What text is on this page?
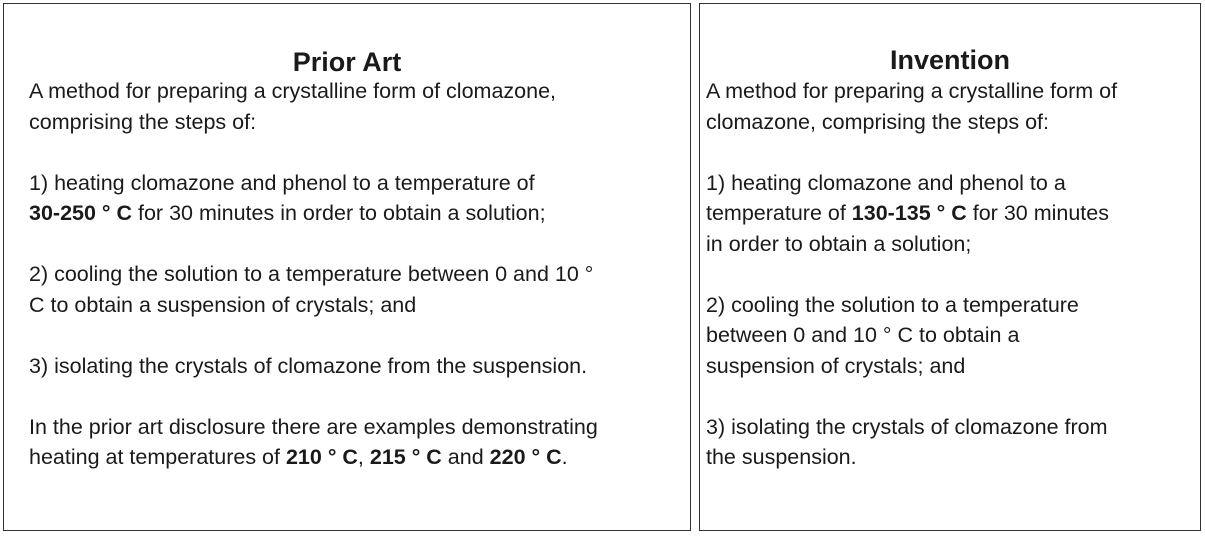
Prior Art
A method for preparing a crystalline form of clomazone,
comprising the steps of:
1) heating clomazone and phenol to a temperature of
30-250 ° C for 30 minutes in order to obtain a solution;
2) cooling the solution to a temperature between 0 and 10 °
C to obtain a suspension of crystals; and
3) isolating the crystals of clomazone from the suspension.
In the prior art disclosure there are examples demonstrating
heating at temperatures of 210 ° C, 215 ° C and 220 ° C.
Invention
A method for preparing a crystalline form of
clomazone, comprising the steps of:
1) heating clomazone and phenol to a
temperature of 130-135 ° C for 30 minutes
in order to obtain a solution;
2) cooling the solution to a temperature
between 0 and 10 ° C to obtain a
suspension of crystals; and
3) isolating the crystals of clomazone from
the suspension.
